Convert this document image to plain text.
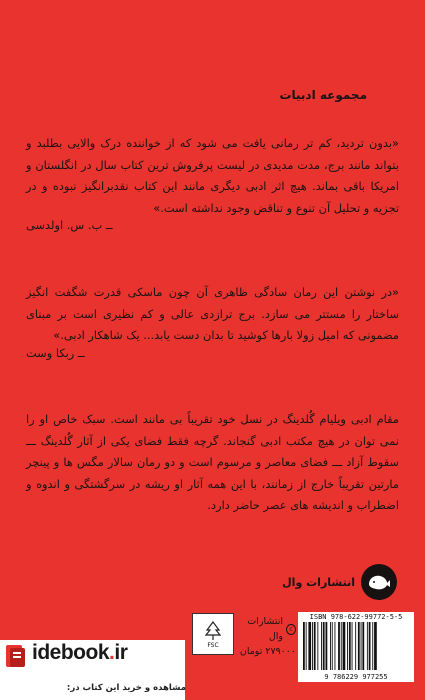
مجموعه ادبیات

«بدون تردید، کم تر رمانی یافت می شود که از خواننده درک والایی بطلبد و بتواند مانند برج، مدت مدیدی در لیست پرفروش ترین کتاب سال در انگلستان و امریکا باقی بماند. هیچ اثر ادبی دیگری مانند این کتاب نقدبرانگیز نبوده و در تجزیه و تحلیل آن تنوع و تناقض وجود نداشته است.»

ــ ب. س. اولدسی

«در نوشتن این رمان سادگی ظاهری آن چون ماسکی قدرت شگفت انگیز ساختار را مستتر می سازد. برج ترازدی عالی و کم نظیری است بر مبنای مضمونی که امیل زولا بارها کوشید تا بدان دست یابد... یک شاهکار ادبی.»

ــ ربکا وست

مقام ادبی ویلیام گُلدینگ در نسل خود تقریباً بی مانند است. سبک خاص او را نمی توان در هیچ مکتب ادبی گنجاند. گرچه فقط فضای یکی از آثار گُلدینگ ـــ سقوط آزاد ـــ فضای معاصر و مرسوم است و دو رمان سالار مگس ها و پینچر مارتین تقریباً خارج از زمانند، با این همه آثار او ریشه در سرگشتگی و اندوه و اضطراب و اندیشه های عصر حاضر دارد.

انتشارات وال
FSC
c
انتشارات وال
۲۷۹۰۰۰ تومان
ISBN 978-622-99772-5-5
9 786229 977255
idebook.ir
مشاهده و خرید این کتاب در:
